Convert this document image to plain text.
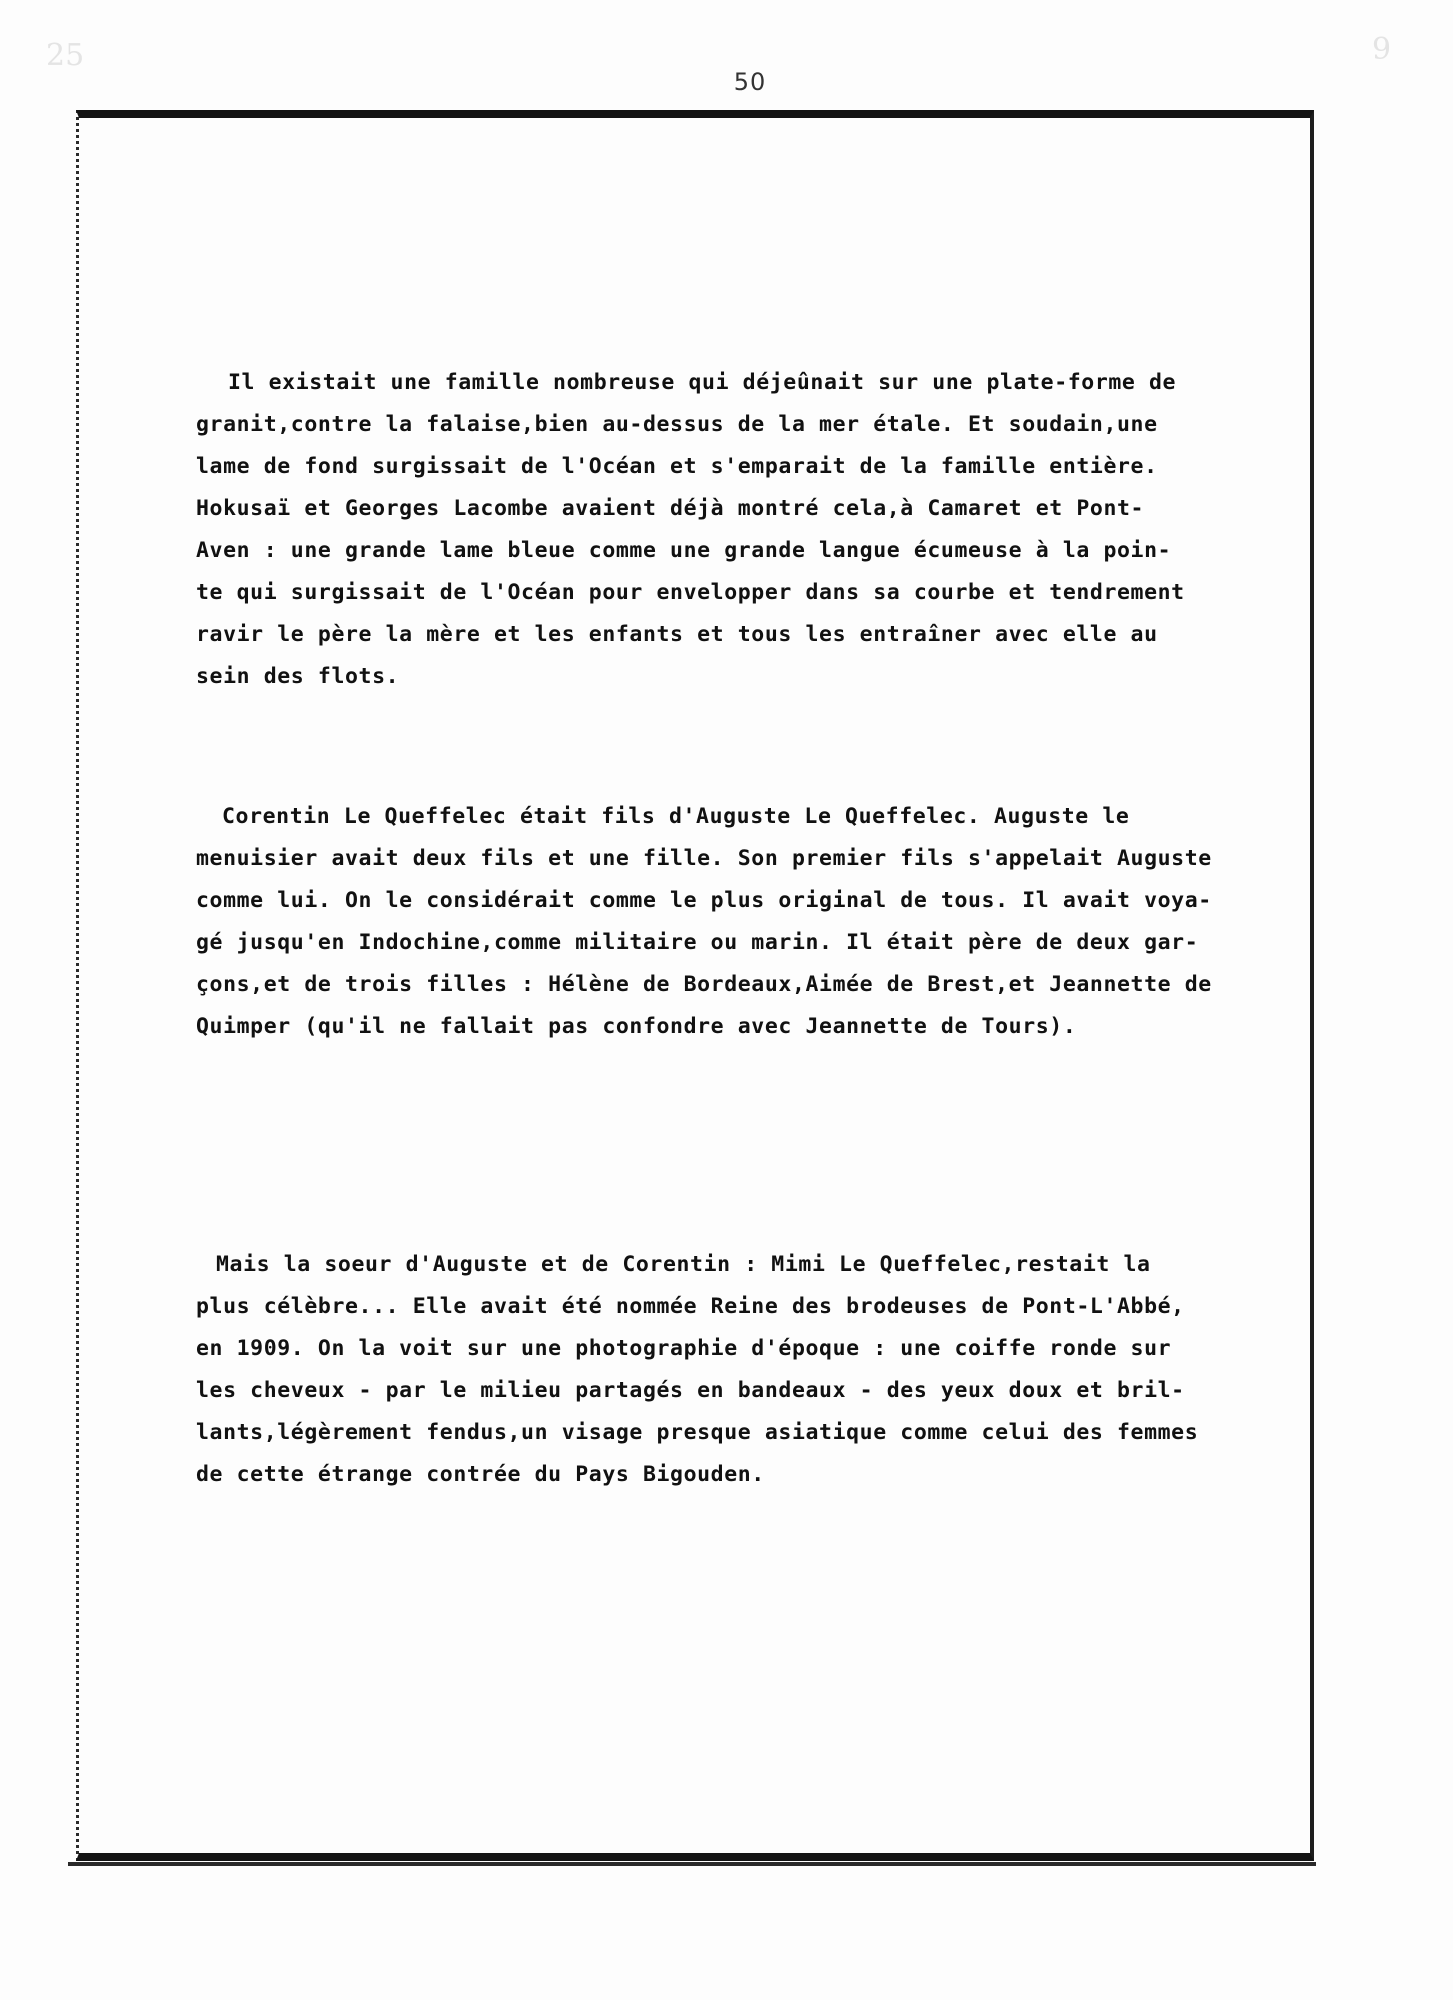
25	9
50
Il existait une famille nombreuse qui déjeûnait sur une plate-forme de
granit,contre la falaise,bien au-dessus de la mer étale. Et soudain,une
lame de fond surgissait de l'Océan et s'emparait de la famille entière.
Hokusaï et Georges Lacombe avaient déjà montré cela,à Camaret et Pont-
Aven : une grande lame bleue comme une grande langue écumeuse à la poin-
te qui surgissait de l'Océan pour envelopper dans sa courbe et tendrement
ravir le père la mère et les enfants et tous les entraîner avec elle au
sein des flots.
Corentin Le Queffelec était fils d'Auguste Le Queffelec. Auguste le
menuisier avait deux fils et une fille. Son premier fils s'appelait Auguste
comme lui. On le considérait comme le plus original de tous. Il avait voya-
gé jusqu'en Indochine,comme militaire ou marin. Il était père de deux gar-
çons,et de trois filles : Hélène de Bordeaux,Aimée de Brest,et Jeannette de
Quimper (qu'il ne fallait pas confondre avec Jeannette de Tours).
Mais la soeur d'Auguste et de Corentin : Mimi Le Queffelec,restait la
plus célèbre... Elle avait été nommée Reine des brodeuses de Pont-L'Abbé,
en 1909. On la voit sur une photographie d'époque : une coiffe ronde sur
les cheveux - par le milieu partagés en bandeaux - des yeux doux et bril-
lants,légèrement fendus,un visage presque asiatique comme celui des femmes
de cette étrange contrée du Pays Bigouden.
